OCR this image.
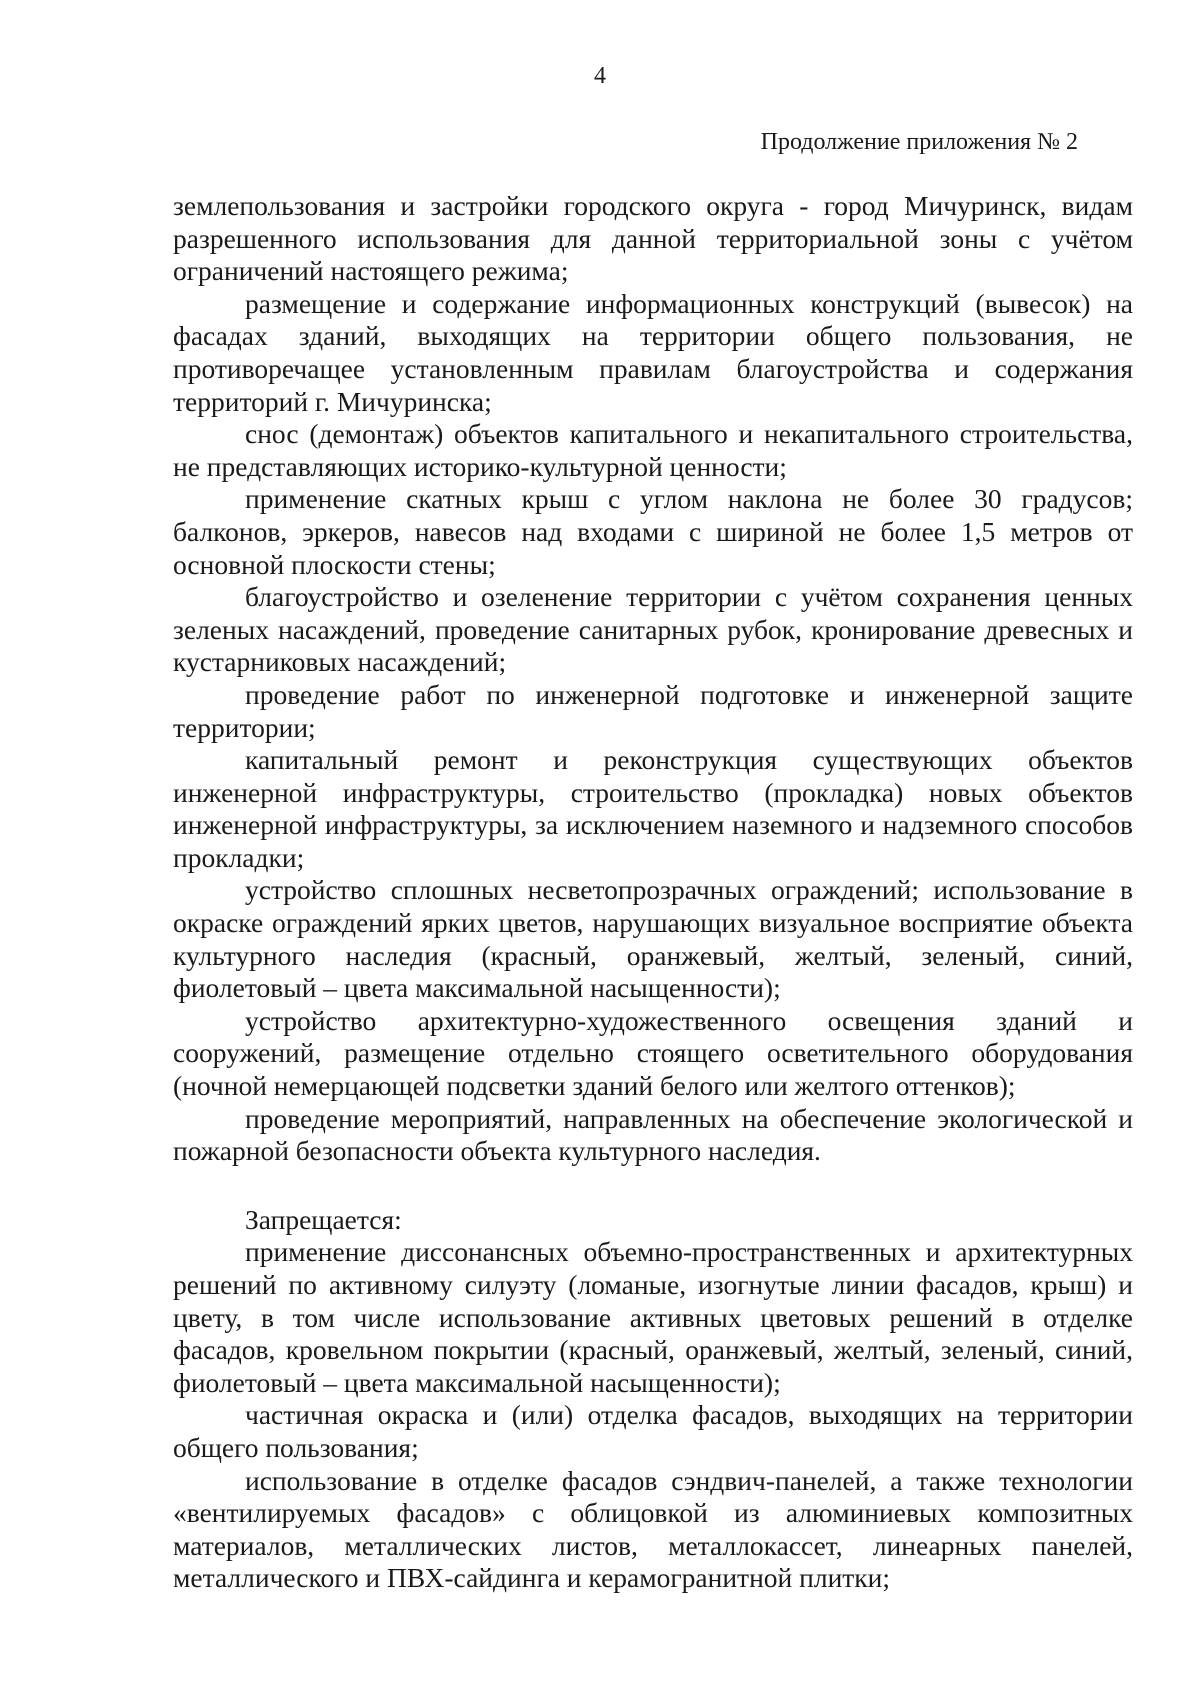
4
Продолжение приложения № 2

землепользования и застройки городского округа - город Мичуринск, видам разрешенного использования для данной территориальной зоны с учётом ограничений настоящего режима;

размещение и содержание информационных конструкций (вывесок) на фасадах зданий, выходящих на территории общего пользования, не противоречащее установленным правилам благоустройства и содержания территорий г. Мичуринска;

снос (демонтаж) объектов капитального и некапитального строительства, не представляющих историко-культурной ценности;

применение скатных крыш с углом наклона не более 30 градусов; балконов, эркеров, навесов над входами с шириной не более 1,5 метров от основной плоскости стены;

благоустройство и озеленение территории с учётом сохранения ценных зеленых насаждений, проведение санитарных рубок, кронирование древесных и кустарниковых насаждений;

проведение работ по инженерной подготовке и инженерной защите территории;

капитальный ремонт и реконструкция существующих объектов инженерной инфраструктуры, строительство (прокладка) новых объектов инженерной инфраструктуры, за исключением наземного и надземного способов прокладки;

устройство сплошных несветопрозрачных ограждений; использование в окраске ограждений ярких цветов, нарушающих визуальное восприятие объекта культурного наследия (красный, оранжевый, желтый, зеленый, синий, фиолетовый – цвета максимальной насыщенности);

устройство архитектурно-художественного освещения зданий и сооружений, размещение отдельно стоящего осветительного оборудования (ночной немерцающей подсветки зданий белого или желтого оттенков);

проведение мероприятий, направленных на обеспечение экологической и пожарной безопасности объекта культурного наследия.

Запрещается:

применение диссонансных объемно-пространственных и архитектурных решений по активному силуэту (ломаные, изогнутые линии фасадов, крыш) и цвету, в том числе использование активных цветовых решений в отделке фасадов, кровельном покрытии (красный, оранжевый, желтый, зеленый, синий, фиолетовый – цвета максимальной насыщенности);

частичная окраска и (или) отделка фасадов, выходящих на территории общего пользования;

использование в отделке фасадов сэндвич-панелей, а также технологии «вентилируемых фасадов» с облицовкой из алюминиевых композитных материалов, металлических листов, металлокассет, линеарных панелей, металлического и ПВХ-сайдинга и керамогранитной плитки;
